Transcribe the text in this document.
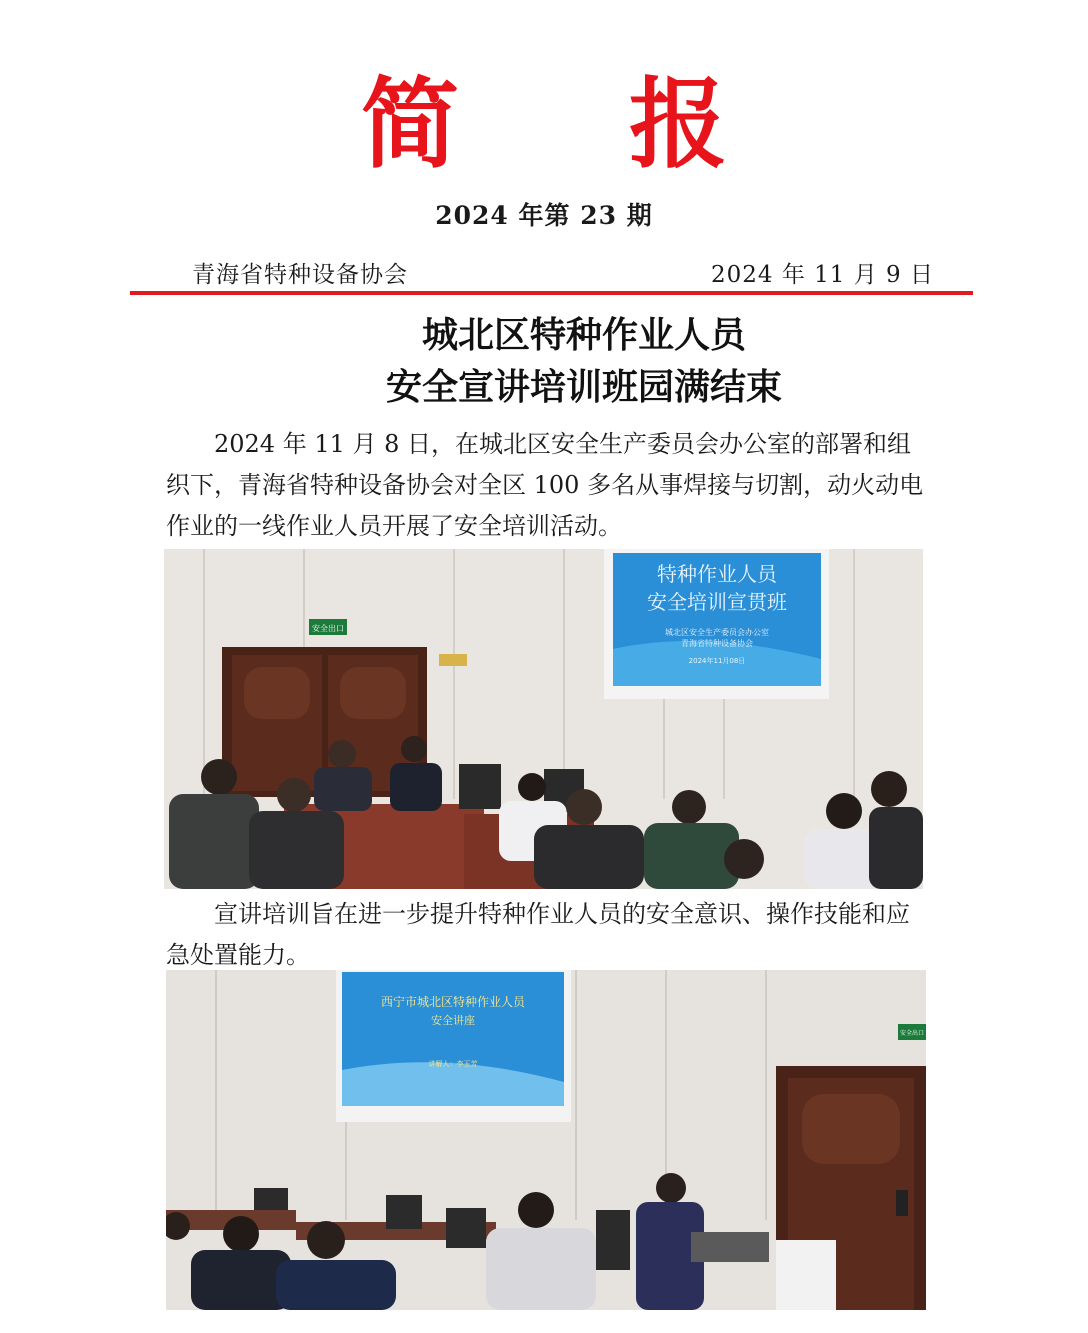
简 报
2024 年第 23 期
青海省特种设备协会	2024 年 11 月 9 日
城北区特种作业人员
安全宣讲培训班园满结束

2024 年 11 月 8 日，在城北区安全生产委员会办公室的部署和组织下，青海省特种设备协会对全区 100 多名从事焊接与切割，动火动电作业的一线作业人员开展了安全培训活动。

安全出口
特种作业人员
安全培训宣贯班
城北区安全生产委员会办公室
青海省特种设备协会
2024年11月08日

宣讲培训旨在进一步提升特种作业人员的安全意识、操作技能和应急处置能力。

西宁市城北区特种作业人员
安全讲座
讲解人：李玉芳
安全出口
